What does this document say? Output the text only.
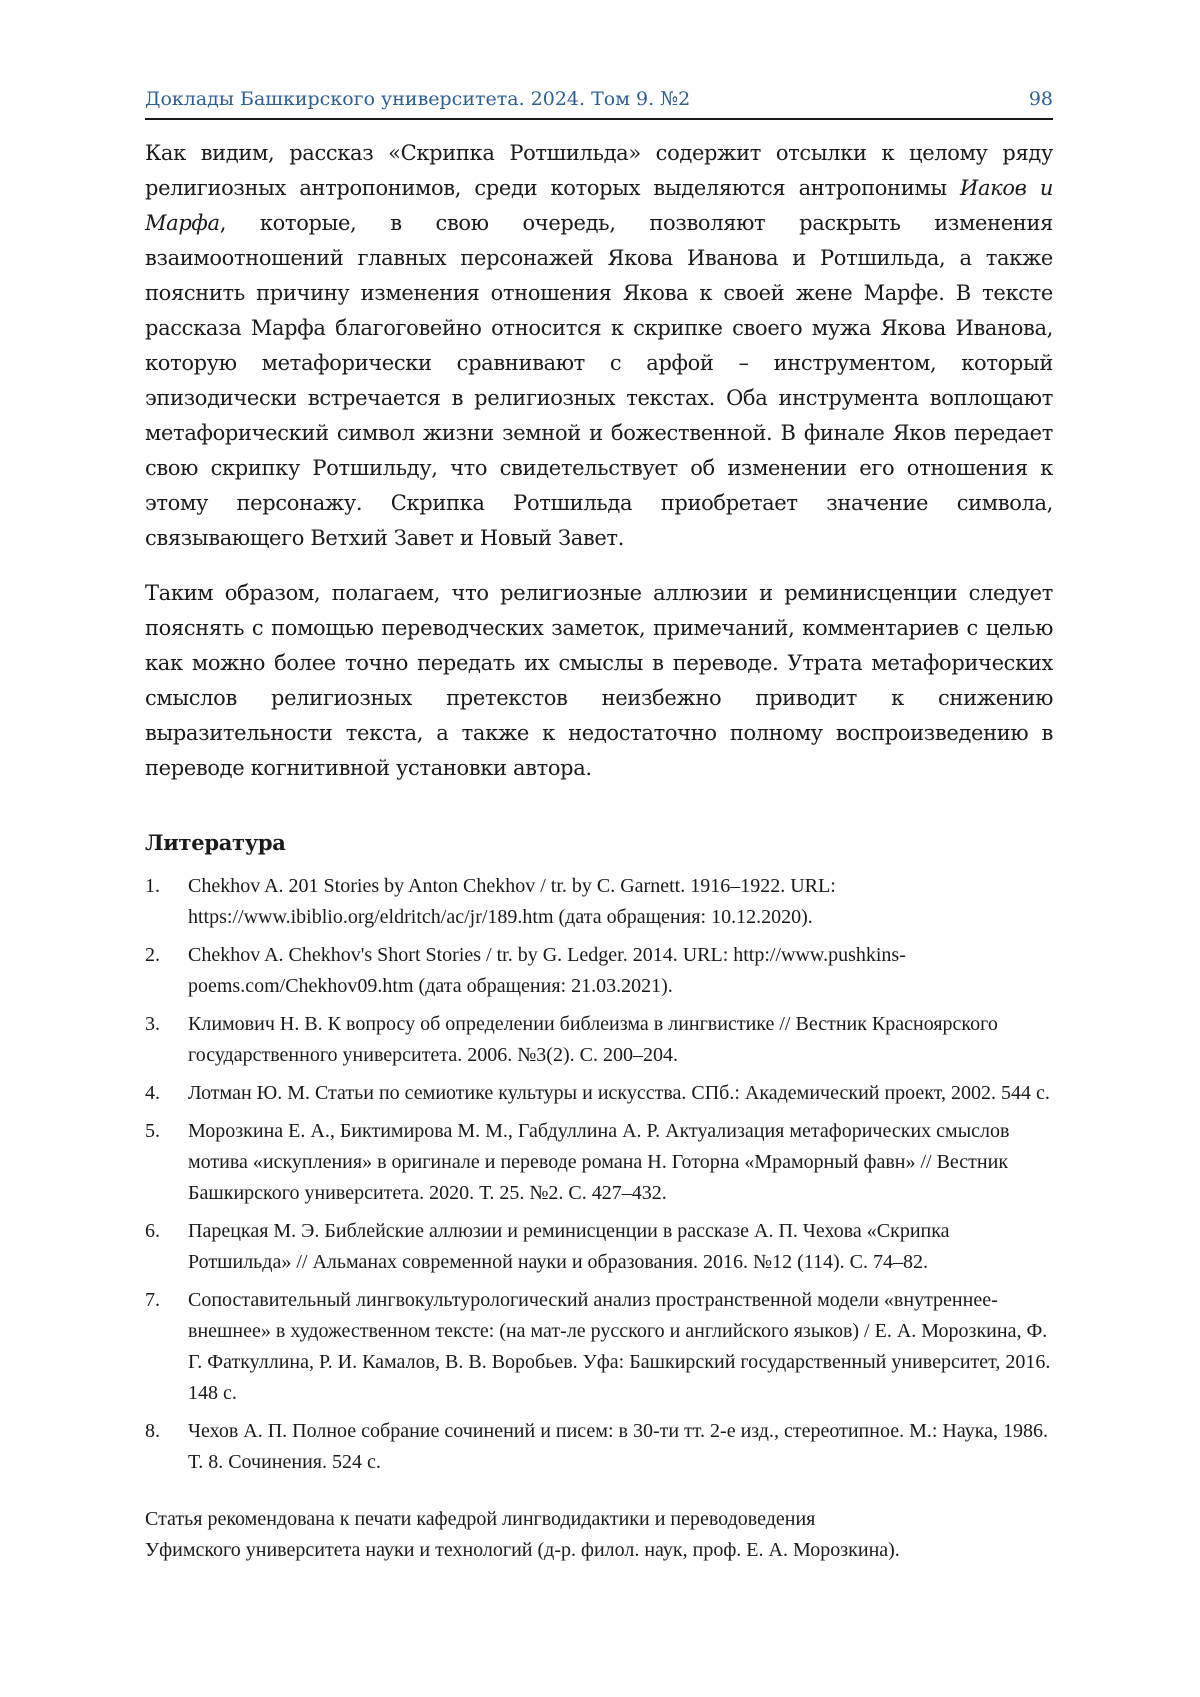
Доклады Башкирского университета. 2024. Том 9. №2	98

Как видим, рассказ «Скрипка Ротшильда» содержит отсылки к целому ряду религиозных антропонимов, среди которых выделяются антропонимы Иаков и Марфа, которые, в свою очередь, позволяют раскрыть изменения взаимоотношений главных персонажей Якова Иванова и Ротшильда, а также пояснить причину изменения отношения Якова к своей жене Марфе. В тексте рассказа Марфа благоговейно относится к скрипке своего мужа Якова Иванова, которую метафорически сравнивают с арфой – инструментом, который эпизодически встречается в религиозных текстах. Оба инструмента воплощают метафорический символ жизни земной и божественной. В финале Яков передает свою скрипку Ротшильду, что свидетельствует об изменении его отношения к этому персонажу. Скрипка Ротшильда приобретает значение символа, связывающего Ветхий Завет и Новый Завет.

Таким образом, полагаем, что религиозные аллюзии и реминисценции следует пояснять с помощью переводческих заметок, примечаний, комментариев с целью как можно более точно передать их смыслы в переводе. Утрата метафорических смыслов религиозных претекстов неизбежно приводит к снижению выразительности текста, а также к недостаточно полному воспроизведению в переводе когнитивной установки автора.

Литература
1.	Chekhov A. 201 Stories by Anton Chekhov / tr. by C. Garnett. 1916–1922. URL: https://www.ibiblio.org/eldritch/ac/jr/189.htm (дата обращения: 10.12.2020).
2.	Chekhov A. Chekhov's Short Stories / tr. by G. Ledger. 2014. URL: http://www.pushkins-poems.com/Chekhov09.htm (дата обращения: 21.03.2021).
3.	Климович Н. В. К вопросу об определении библеизма в лингвистике // Вестник Красноярского государственного университета. 2006. №3(2). С. 200–204.
4.	Лотман Ю. М. Статьи по семиотике культуры и искусства. СПб.: Академический проект, 2002. 544 с.
5.	Морозкина Е. А., Биктимирова М. М., Габдуллина А. Р. Актуализация метафорических смыслов мотива «искупления» в оригинале и переводе романа Н. Готорна «Мраморный фавн» // Вестник Башкирского университета. 2020. Т. 25. №2. С. 427–432.
6.	Парецкая М. Э. Библейские аллюзии и реминисценции в рассказе А. П. Чехова «Скрипка Ротшильда» // Альманах современной науки и образования. 2016. №12 (114). С. 74–82.
7.	Сопоставительный лингвокультурологический анализ пространственной модели «внутреннее-внешнее» в художественном тексте: (на мат-ле русского и английского языков) / Е. А. Морозкина, Ф. Г. Фаткуллина, Р. И. Камалов, В. В. Воробьев. Уфа: Башкирский государственный университет, 2016. 148 с.
8.	Чехов А. П. Полное собрание сочинений и писем: в 30-ти тт. 2-е изд., стереотипное. М.: Наука, 1986. Т. 8. Сочинения. 524 с.
Статья рекомендована к печати кафедрой лингводидактики и переводоведения
Уфимского университета науки и технологий (д-р. филол. наук, проф. Е. А. Морозкина).
